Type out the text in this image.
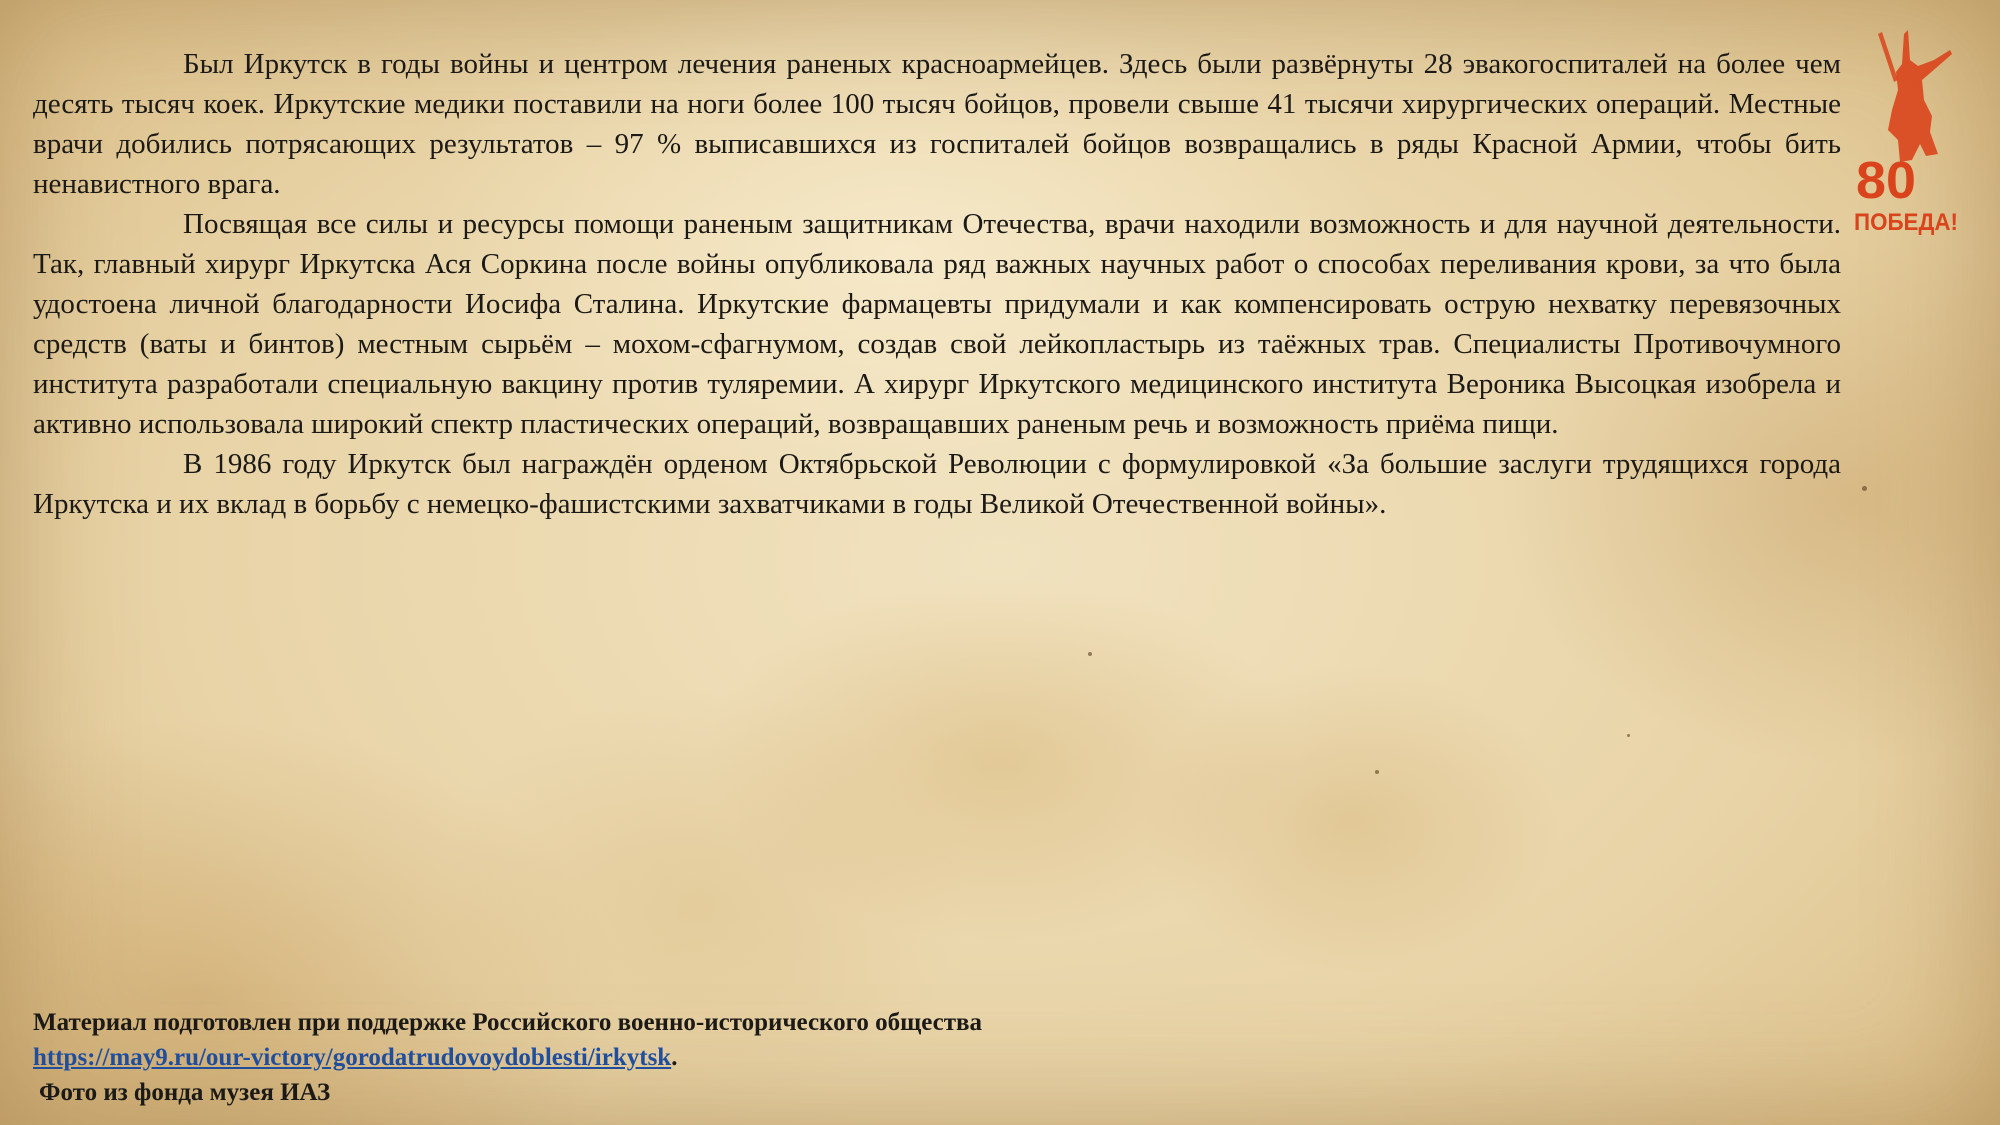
Был Иркутск в годы войны и центром лечения раненых красноармейцев. Здесь были развёрнуты 28 эвакогоспиталей на более чем десять тысяч коек. Иркутские медики поставили на ноги более 100 тысяч бойцов, провели свыше 41 тысячи хирургических операций. Местные врачи добились потрясающих результатов – 97 % выписавшихся из госпиталей бойцов возвращались в ряды Красной Армии, чтобы бить ненавистного врага.

Посвящая все силы и ресурсы помощи раненым защитникам Отечества, врачи находили возможность и для научной деятельности. Так, главный хирург Иркутска Ася Соркина после войны опубликовала ряд важных научных работ о способах переливания крови, за что была удостоена личной благодарности Иосифа Сталина. Иркутские фармацевты придумали и как компенсировать острую нехватку перевязочных средств (ваты и бинтов) местным сырьём – мохом-сфагнумом, создав свой лейкопластырь из таёжных трав. Специалисты Противочумного института разработали специальную вакцину против туляремии. А хирург Иркутского медицинского института Вероника Высоцкая изобрела и активно использовала широкий спектр пластических операций, возвращавших раненым речь и возможность приёма пищи.

В 1986 году Иркутск был награждён орденом Октябрьской Революции с формулировкой «За большие заслуги трудящихся города Иркутска и их вклад в борьбу с немецко-фашистскими захватчиками в годы Великой Отечественной войны».

80
ПОБЕДА!
Материал подготовлен при поддержке Российского военно-исторического общества
https://may9.ru/our-victory/gorodatrudovoydoblesti/irkytsk.
Фото из фонда музея ИАЗ
